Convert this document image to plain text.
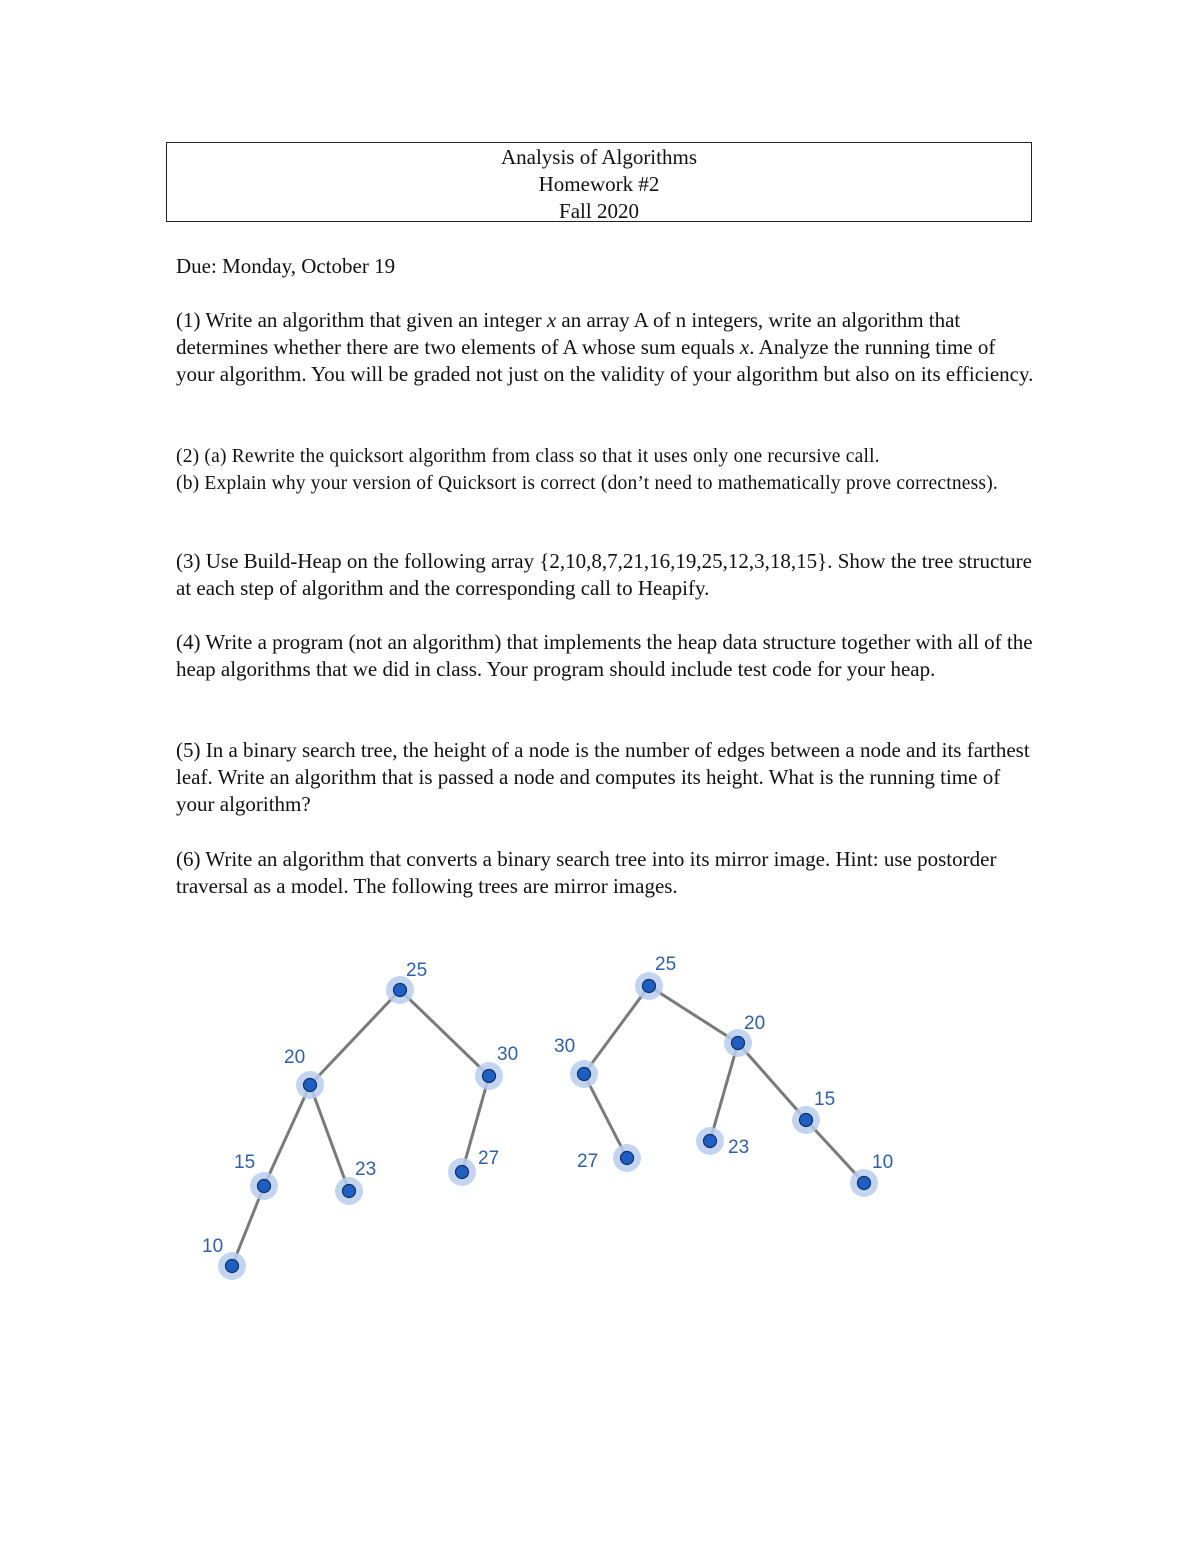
Analysis of Algorithms
Homework #2
Fall 2020

Due: Monday, October 19

(1) Write an algorithm that given an integer x an array A of n integers, write an algorithm that determines whether there are two elements of A whose sum equals x. Analyze the running time of your algorithm. You will be graded not just on the validity of your algorithm but also on its efficiency.

(2) (a) Rewrite the quicksort algorithm from class so that it uses only one recursive call.
(b) Explain why your version of Quicksort is correct (don’t need to mathematically prove correctness).

(3) Use Build-Heap on the following array {2,10,8,7,21,16,19,25,12,3,18,15}. Show the tree structure at each step of algorithm and the corresponding call to Heapify.

(4) Write a program (not an algorithm) that implements the heap data structure together with all of the heap algorithms that we did in class. Your program should include test code for your heap.

(5) In a binary search tree, the height of a node is the number of edges between a node and its farthest leaf. Write an algorithm that is passed a node and computes its height. What is the running time of your algorithm?

(6) Write an algorithm that converts a binary search tree into its mirror image. Hint: use postorder traversal as a model. The following trees are mirror images.

25
20	30
15	23
27
10
25
30
20
27
23
15
10
